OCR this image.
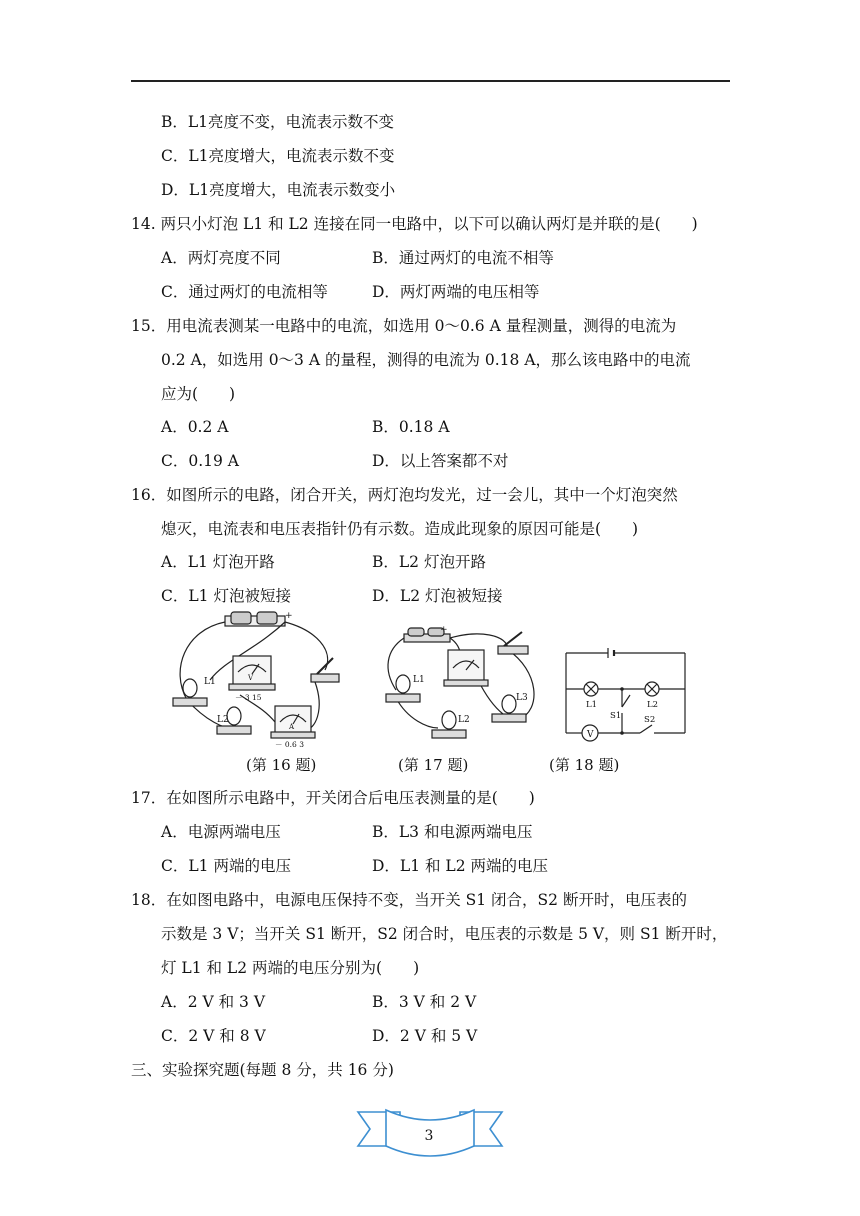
B．L1亮度不变，电流表示数不变
C．L1亮度增大，电流表示数不变
D．L1亮度增大，电流表示数变小
14. 两只小灯泡 L1 和 L2 连接在同一电路中，以下可以确认两灯是并联的是(　　)
A．两灯亮度不同	B．通过两灯的电流不相等
C．通过两灯的电流相等	D．两灯两端的电压相等
15．用电流表测某一电路中的电流，如选用 0～0.6 A 量程测量，测得的电流为
0.2 A，如选用 0～3 A 的量程，测得的电流为 0.18 A，那么该电路中的电流
应为(　　)
A．0.2 A	B．0.18 A
C．0.19 A	D．以上答案都不对
16．如图所示的电路，闭合开关，两灯泡均发光，过一会儿，其中一个灯泡突然
熄灭，电流表和电压表指针仍有示数。造成此现象的原因可能是(　　)
A．L1 灯泡开路	B．L2 灯泡开路
C．L1 灯泡被短接	D．L2 灯泡被短接
+
L1
L2
V
A
－ 3 15
－ 0.6 3
+
L1
L2
L3
V
L1	L2
S1	S2
(第 16 题)	(第 17 题)	(第 18 题)
17．在如图所示电路中，开关闭合后电压表测量的是(　　)
A．电源两端电压	B．L3 和电源两端电压
C．L1 两端的电压	D．L1 和 L2 两端的电压
18．在如图电路中，电源电压保持不变，当开关 S1 闭合，S2 断开时，电压表的
示数是 3 V；当开关 S1 断开，S2 闭合时，电压表的示数是 5 V，则 S1 断开时，
灯 L1 和 L2 两端的电压分别为(　　)
A．2 V 和 3 V	B．3 V 和 2 V
C．2 V 和 8 V	D．2 V 和 5 V
三、实验探究题(每题 8 分，共 16 分)
3
